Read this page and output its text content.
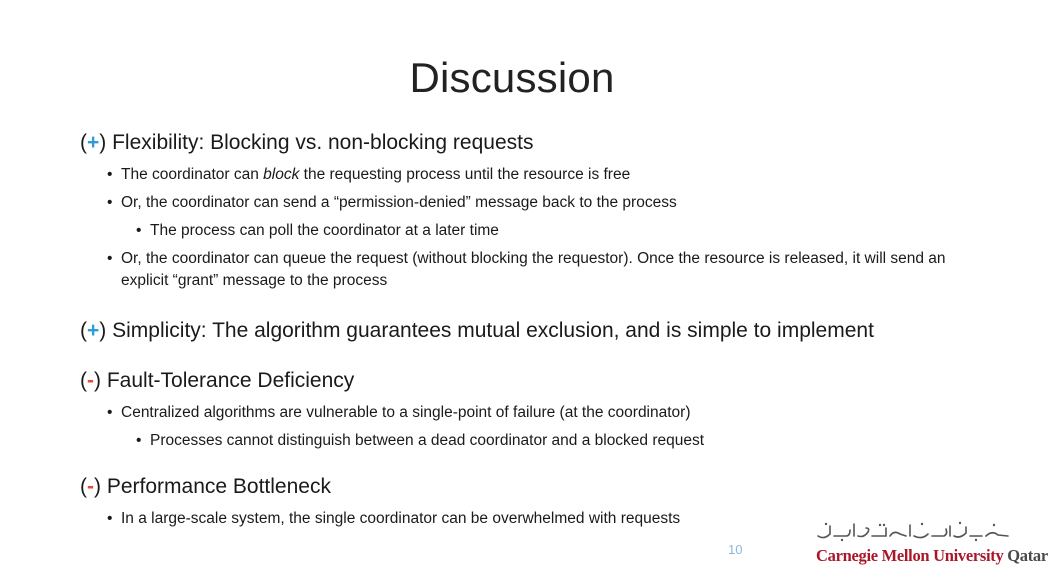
Discussion
(+) Flexibility: Blocking vs. non-blocking requests
• The coordinator can block the requesting process until the resource is free
• Or, the coordinator can send a “permission-denied” message back to the process
• The process can poll the coordinator at a later time
• Or, the coordinator can queue the request (without blocking the requestor). Once the resource is released, it will send an explicit “grant” message to the process
(+) Simplicity: The algorithm guarantees mutual exclusion, and is simple to implement
(-) Fault-Tolerance Deficiency
• Centralized algorithms are vulnerable to a single-point of failure (at the coordinator)
• Processes cannot distinguish between a dead coordinator and a blocked request
(-) Performance Bottleneck
• In a large-scale system, the single coordinator can be overwhelmed with requests
10	Carnegie Mellon University Qatar
